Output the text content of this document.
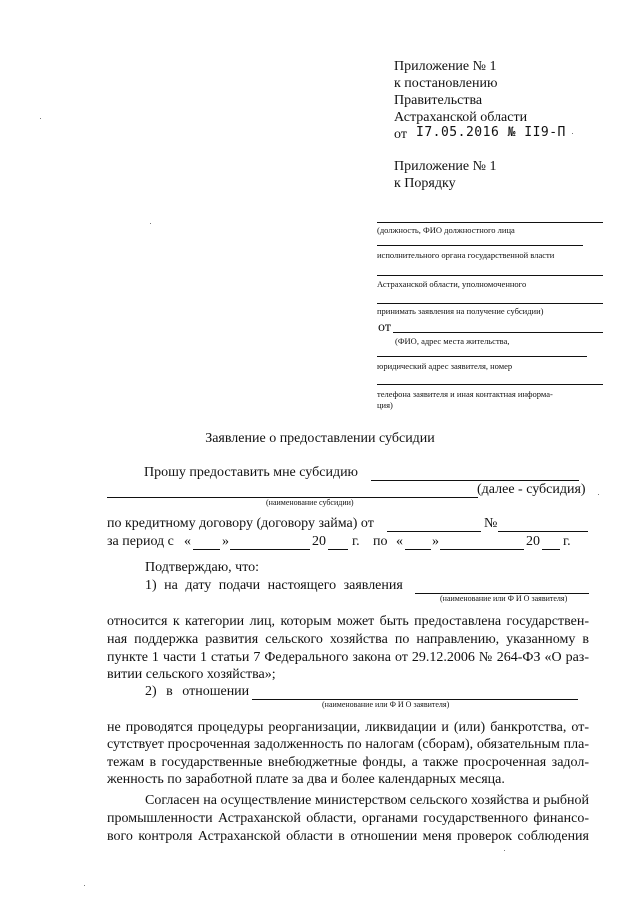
Приложение № 1
к постановлению
Правительства
Астраханской области
от I7.05.2016 № II9-П
Приложение № 1
к Порядку
(должность, ФИО должностного лица
исполнительного органа государственной власти
Астраханской области, уполномоченного
принимать заявления на получение субсидии)
от
(ФИО, адрес места жительства,
юридический адрес заявителя, номер
телефона заявителя и иная контактная информа-
ция)
Заявление о предоставлении субсидии
Прошу предоставить мне субсидию
(далее - субсидия)
(наименование субсидии)
по кредитному договору (договору займа) от	№
за период с « »	20 г. по « »	20 г.
Подтверждаю, что:
1) на дату подачи настоящего заявления
(наименование или Ф И О заявителя)
относится к категории лиц, которым может быть предоставлена государствен-
ная поддержка развития сельского хозяйства по направлению, указанному в
пункте 1 части 1 статьи 7 Федерального закона от 29.12.2006 № 264-ФЗ «О раз-
витии сельского хозяйства»;
2) в отношении
(наименование или Ф И О заявителя)
не проводятся процедуры реорганизации, ликвидации и (или) банкротства, от-
сутствует просроченная задолженность по налогам (сборам), обязательным пла-
тежам в государственные внебюджетные фонды, а также просроченная задол-
женность по заработной плате за два и более календарных месяца.
Согласен на осуществление министерством сельского хозяйства и рыбной
промышленности Астраханской области, органами государственного финансо-
вого контроля Астраханской области в отношении меня проверок соблюдения
